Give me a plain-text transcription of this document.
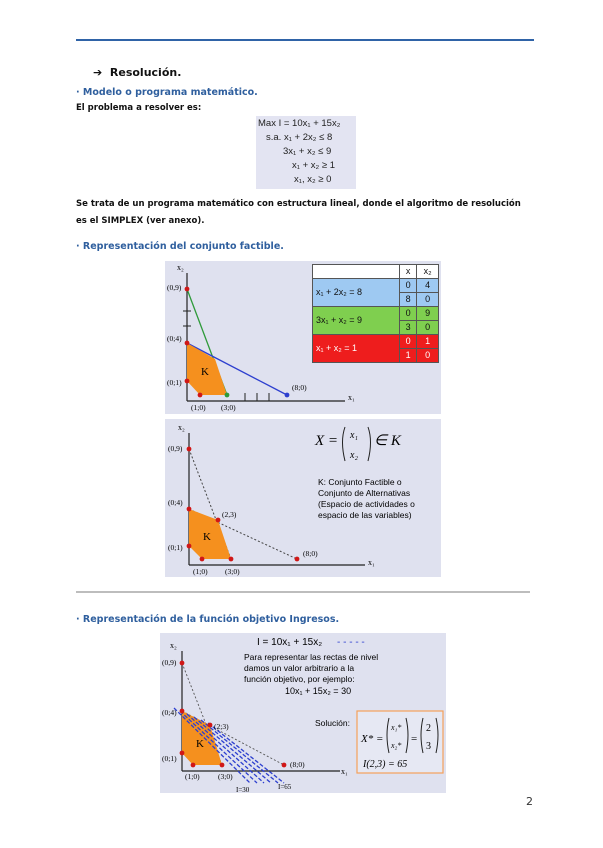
➔ Resolución.
· Modelo o programa matemático.
El problema a resolver es:
Max I = 10x₁ + 15x₂
s.a. x₁ + 2x₂ ≤ 8
3x₁ + x₂ ≤ 9
x₁ + x₂ ≥ 1
x₁, x₂ ≥ 0
Se trata de un programa matemático con estructura lineal, donde el algoritmo de resolución es el SIMPLEX (ver anexo).
· Representación del conjunto factible.
K
x₂
x₁
(0,9)
(0;4)
(0;1)
(1;0) (3;0)
(8;0)
	x	x₂
x₁ + 2x₂ = 8	0	4
	8	0
3x₁ + x₂ = 9	0	9
	3	0
x₁ + x₂ = 1	0	1
	1	0
K
x₂
x₁
(0,9)
(0;4)
(2,3)
(0;1)
(1;0) (3;0)
(8;0)
X = x₁
x₂
∈ K
K: Conjunto Factible o
Conjunto de Alternativas
(Espacio de actividades o
espacio de las variables)
· Representación de la función objetivo Ingresos.
K
x₂
x₁
(0,9)
(0;4)
(2;3)
(0;1)
(1;0) (3;0)
(8;0)
I=30	I=65
I = 10x₁ + 15x₂ - - - - -
Para representar las rectas de nivel
damos un valor arbitrario a la
función objetivo, por ejemplo:
10x₁ + 15x₂ = 30
Solución:
X* =
x₁*
x₂*
=
2
3
I(2,3) = 65
2
